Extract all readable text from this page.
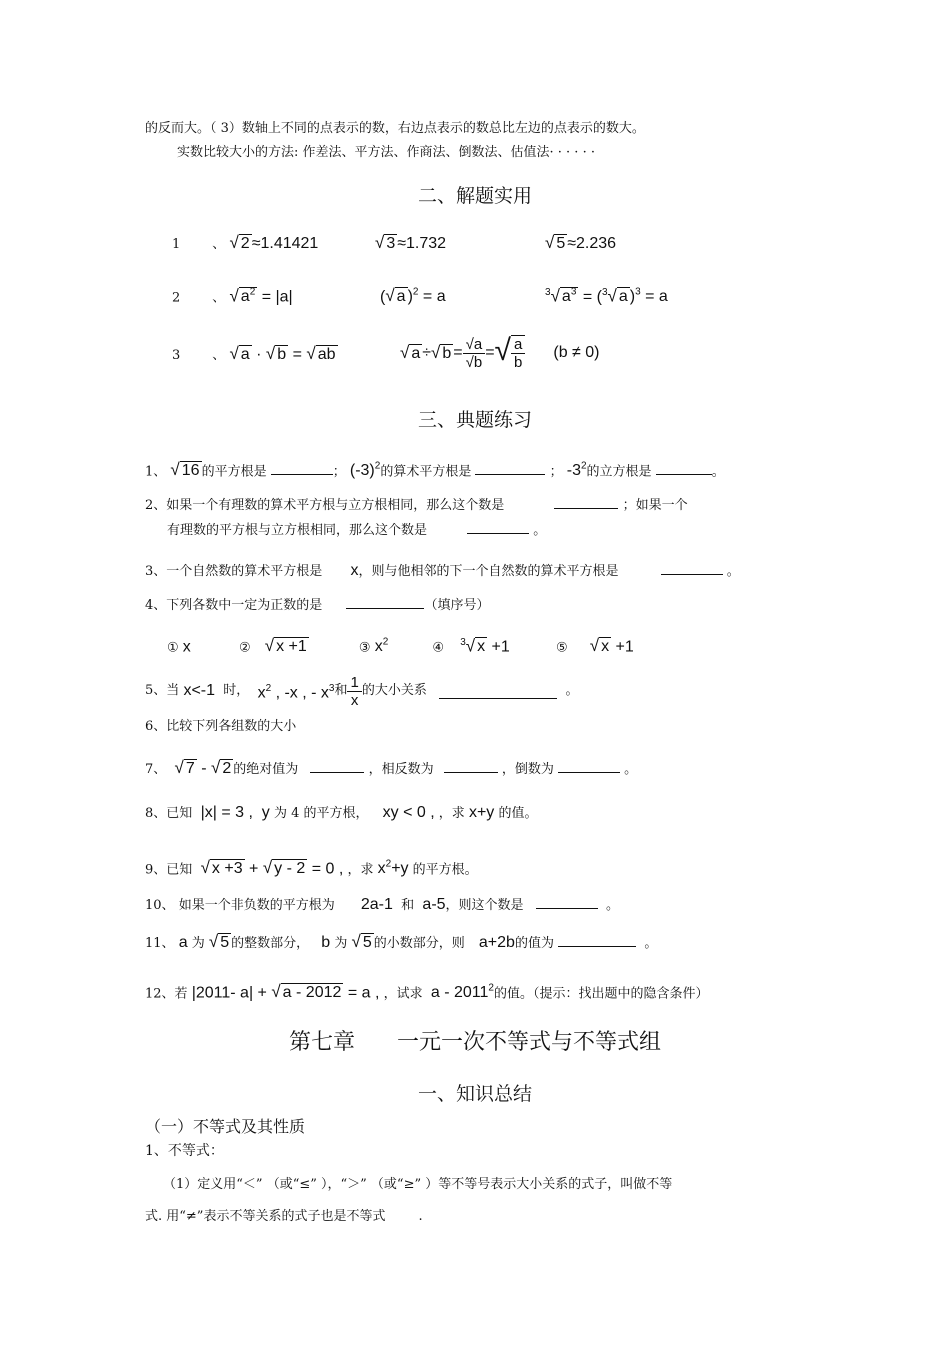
的反而大。（ 3）数轴上不同的点表示的数，右边点表示的数总比左边的点表示的数大。
实数比较大小的方法: 作差法、平方法、作商法、倒数法、估值法· · · · · ·
二、解题实用
1 、 √ 2 ≈1.41421	√ 3 ≈1.732	√ 5 ≈2.236
2 、 √ $a^2 = |a|$	(√ a )$^2$ = a	$^3$√ $a^3 = (^3√$ a )$^3$ = a
3 、 √ a · √ b = √ ab	√ a ÷ √ $b = \frac{√a}{√b}$ = √ $\frac{a}{b} (b \ne 0)$
三、典题练习
1、 √ 16 的平方根是	； $(-3)^2$的算术平方根是	； $-3^2$的立方根是	。
2、如果一个有理数的算术平方根与立方根相同，那么这个数是	；如果一个
有理数的平方根与立方根相同，那么这个数是	。
3、一个自然数的算术平方根是 x，则与他相邻的下一个自然数的算术平方根是	。
4、下列各数中一定为正数的是	（填序号）
① x	② √ x +1	③ $x^2$	④ $^3$√ x +1	⑤ √ x +1
5、 当
x<-1
时，
$x^2$ , -x , - $x^3$ 和 $\frac{1}{x}$ 的大小关系

	。
6、比较下列各组数的大小
7、 √ 7 - √ 2 的绝对值为	，相反数为	，倒数为	。
8、已知 |x| = 3 ,  y 为 4 的平方根， xy < 0 , ，求 x+y 的值。
9、已知 √ x +3 + √ y - 2 = 0 , ，求 $x^2+y$ 的平方根。
10、 如果一个非负数的平方根为 2a-1 和 a-5，则这个数是	。
11、 a 为 √ 5 的整数部分， b 为 √ 5 的小数部分，则 a+2b的值为	。
12、若 |2011- a| + √ a - 2012 = a , ，试求 a - 2011$^2$的值。（提示：找出题中的隐含条件）
第七章      一元一次不等式与不等式组
一、知识总结
（一）不等式及其性质
1、不等式：
（1）定义用“＜” （或“≤” ），“＞” （或“≥” ）等不等号表示大小关系的式子，叫做不等
式. 用“≠”表示不等关系的式子也是不等式        .
